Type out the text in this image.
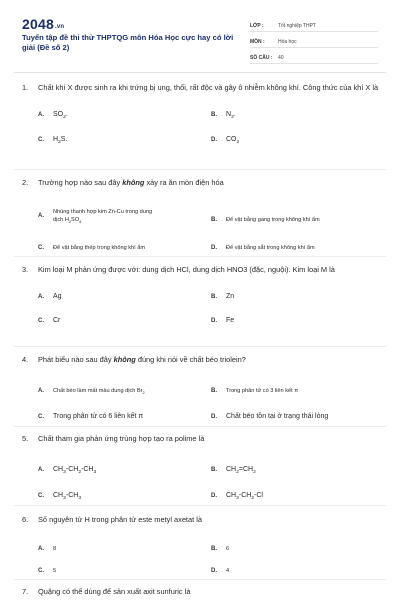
2048.vn
Tuyển tập đề thi thử THPTQG môn Hóa Học cực hay có lời giải (Đề số 2)
LỚP :	Tốt nghiệp THPT
MÔN :	Hóa học
SỐ CÂU :	40
1.	Chất khí X được sinh ra khi trứng bị ung, thối, rất độc và gây ô nhiễm không khí. Công thức của khí X là
A.	$SO_2$.	B.	$N_2$.
C.	$H_2S$.	D.	$CO_2$
2.	Trường hợp nào sau đây không xảy ra ăn mòn điện hóa
A.
Nhúng thanh hợp kim Zn-Cu trong dung
dịch $H_2SO_4$	B.	Để vật bằng gang trong không khí ẩm
C.	Để vật bằng thép trong không khí ẩm	D.	Để vật bằng sắt trong không khí ẩm
3.	Kim loại M phản ứng được với: dung dịch HCl, dung dịch HNO3 (đặc, nguội). Kim loại M là
A.	Ag	B.	Zn
C.	Cr	D.	Fe
4.	Phát biểu nào sau đây không đúng khi nói về chất béo triolein?
A.	Chất béo làm mất màu dung dịch $Br_2$	B.	Trong phân tử có 3 liên kết π
C.	Trong phân tử có 6 liên kết π	D.	Chất béo tồn tại ở trạng thái lỏng
5.	Chất tham gia phản ứng trùng hợp tạo ra polime là
A.	$CH_3-CH_2-CH_3$	B.	$CH_2=CH_2$
C.	$CH_3-CH_3$	D.	$CH_3-CH_2-Cl$
6.	Số nguyên tử H trong phân tử este metyl axetat là
A.	8	B.	6
C.	5	D.	4
7.	Quặng có thể dùng để sản xuất axit sunfuric là
